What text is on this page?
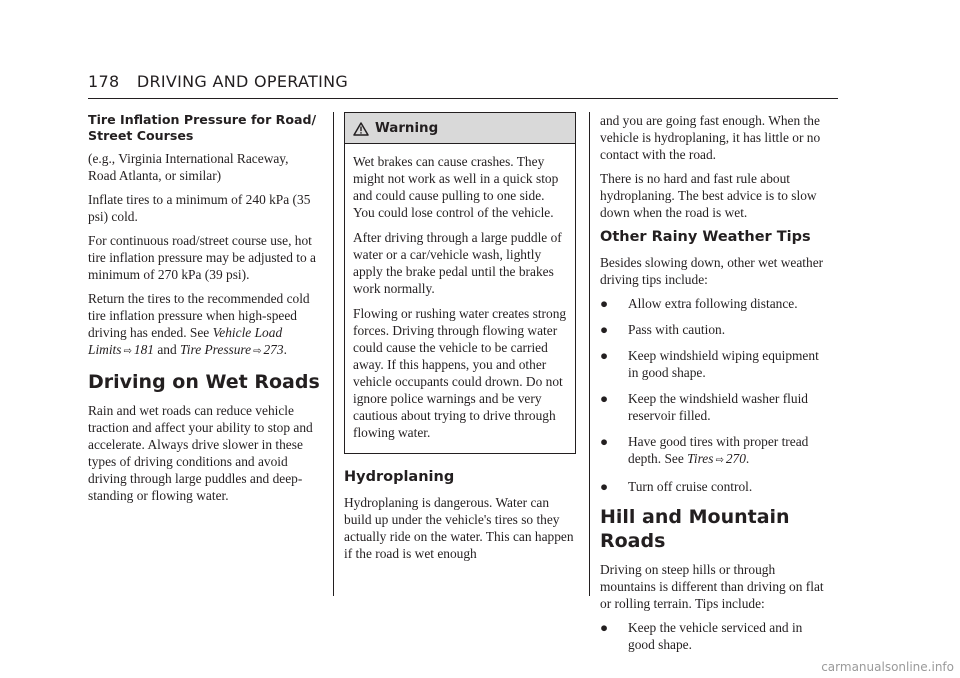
178 DRIVING AND OPERATING
Tire Inflation Pressure for Road/ Street Courses

(e.g., Virginia International Raceway, Road Atlanta, or similar)

Inflate tires to a minimum of 240 kPa (35 psi) cold.

For continuous road/street course use, hot tire inflation pressure may be adjusted to a minimum of 270 kPa (39 psi).

Return the tires to the recommended cold tire inflation pressure when high-speed driving has ended. See Vehicle Load Limits ⇨ 181 and Tire Pressure ⇨ 273.

Driving on Wet Roads

Rain and wet roads can reduce vehicle traction and affect your ability to stop and accelerate. Always drive slower in these types of driving conditions and avoid driving through large puddles and deep-standing or flowing water.

Warning

Wet brakes can cause crashes. They might not work as well in a quick stop and could cause pulling to one side. You could lose control of the vehicle.

After driving through a large puddle of water or a car/vehicle wash, lightly apply the brake pedal until the brakes work normally.

Flowing or rushing water creates strong forces. Driving through flowing water could cause the vehicle to be carried away. If this happens, you and other vehicle occupants could drown. Do not ignore police warnings and be very cautious about trying to drive through flowing water.

Hydroplaning

Hydroplaning is dangerous. Water can build up under the vehicle's tires so they actually ride on the water. This can happen if the road is wet enough

and you are going fast enough. When the vehicle is hydroplaning, it has little or no contact with the road.

There is no hard and fast rule about hydroplaning. The best advice is to slow down when the road is wet.

Other Rainy Weather Tips

Besides slowing down, other wet weather driving tips include:

● Allow extra following distance.
● Pass with caution.
● Keep windshield wiping equipment in good shape.
● Keep the windshield washer fluid reservoir filled.
● Have good tires with proper tread depth. See Tires ⇨ 270.
● Turn off cruise control.
Hill and Mountain Roads

Driving on steep hills or through mountains is different than driving on flat or rolling terrain. Tips include:

● Keep the vehicle serviced and in good shape.
carmanualsonline.info
